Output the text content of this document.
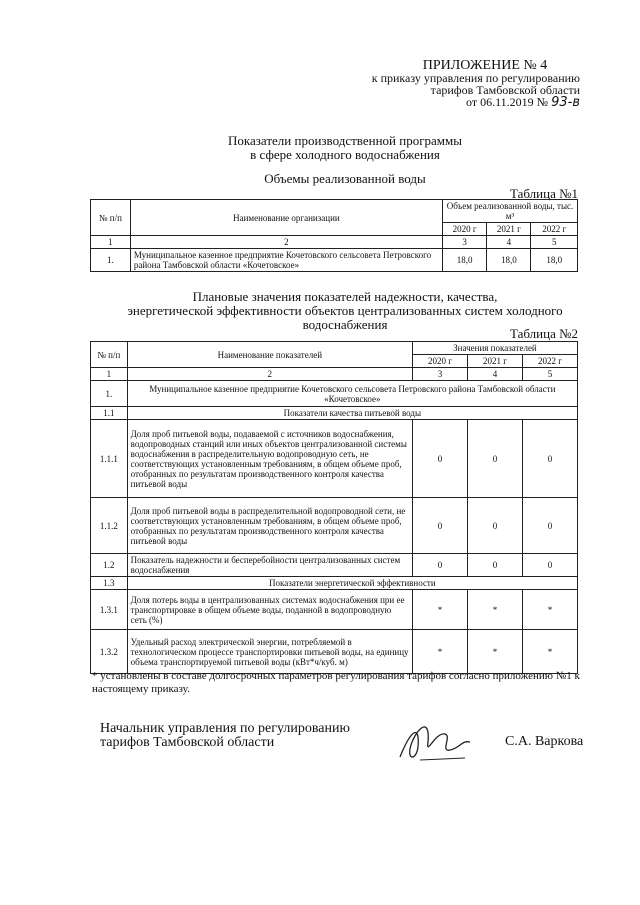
ПРИЛОЖЕНИЕ № 4
к приказу управления по регулированию
тарифов Тамбовской области
от 06.11.2019 № 93-в
Показатели производственной программы
в сфере холодного водоснабжения
Объемы реализованной воды
Таблица №1
№ п/п	Наименование организации	Объем реализованной воды, тыс. м³		
		2020 г	2021 г	2022 г
1	2	3	4	5
1.	Муниципальное казенное предприятие Кочетовского сельсовета Петровского района Тамбовской области «Кочетовское»	18,0	18,0	18,0
Плановые значения показателей надежности, качества,
энергетической эффективности объектов централизованных систем холодного
водоснабжения
Таблица №2
№ п/п	Наименование показателей	Значения показателей		
		2020 г	2021 г	2022 г
1	2	3	4	5
1.	Муниципальное казенное предприятие Кочетовского сельсовета Петровского района Тамбовской области «Кочетовское»			
1.1	Показатели качества питьевой воды			
1.1.1	Доля проб питьевой воды, подаваемой с источников водоснабжения, водопроводных станций или иных объектов централизованной системы водоснабжения в распределительную водопроводную сеть, не соответствующих установленным требованиям, в общем объеме проб, отобранных по результатам производственного контроля качества питьевой воды	0	0	0
1.1.2	Доля проб питьевой воды в распределительной водопроводной сети, не соответствующих установленным требованиям, в общем объеме проб, отобранных по результатам производственного контроля качества питьевой воды	0	0	0
1.2	Показатель надежности и бесперебойности централизованных систем водоснабжения	0	0	0
1.3	Показатели энергетической эффективности			
1.3.1	Доля потерь воды в централизованных системах водоснабжения при ее транспортировке в общем объеме воды, поданной в водопроводную сеть (%)	*	*	*
1.3.2	Удельный расход электрической энергии, потребляемой в технологическом процессе транспортировки питьевой воды, на единицу объема транспортируемой питьевой воды (кВт*ч/куб. м)	*	*	*
* установлены в составе долгосрочных параметров регулирования тарифов согласно приложению №1 к настоящему приказу.
Начальник управления по регулированию
тарифов Тамбовской области	С.А. Варкова
